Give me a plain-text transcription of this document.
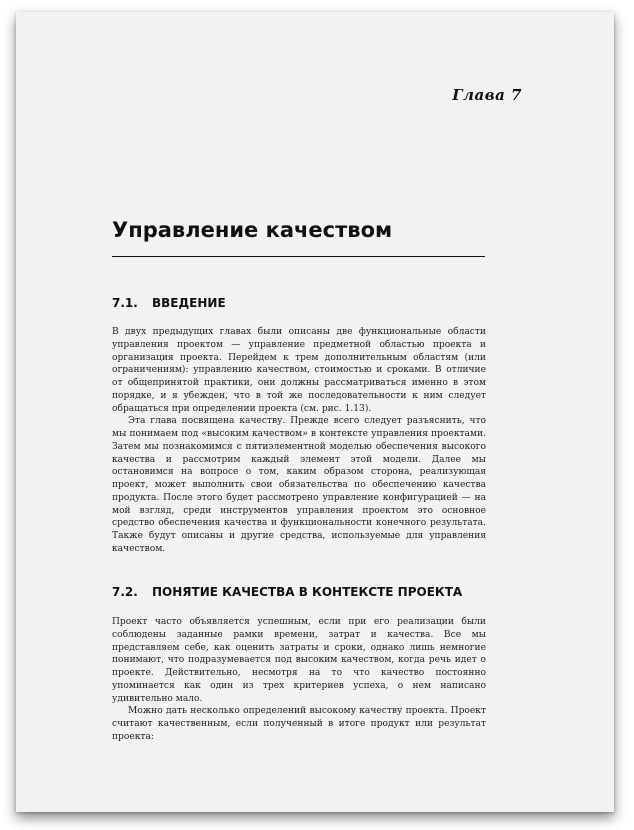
Глава 7
Управление качеством
7.1. ВВЕДЕНИЕ

В двух предыдущих главах были описаны две функциональные области управления проектом — управление предметной областью проекта и организация проекта. Перейдем к трем дополнительным областям (или ограничениям): управлению качеством, стоимостью и сроками. В отличие от общепринятой практики, они должны рассматриваться именно в этом порядке, и я убежден, что в той же последовательности к ним следует обращаться при определении проекта (см. рис. 1.13).

Эта глава посвящена качеству. Прежде всего следует разъяснить, что мы понимаем под «высоким качеством» в контексте управления проектами. Затем мы познакомимся с пятиэлементной моделью обеспечения высокого качества и рассмотрим каждый элемент этой модели. Далее мы остановимся на вопросе о том, каким образом сторона, реализующая проект, может выполнить свои обязательства по обеспечению качества продукта. После этого будет рассмотрено управление конфигурацией — на мой взгляд, среди инструментов управления проектом это основное средство обеспечения качества и функциональности конечного результата. Также будут описаны и другие средства, используемые для управления качеством.

7.2. ПОНЯТИЕ КАЧЕСТВА В КОНТЕКСТЕ ПРОЕКТА

Проект часто объявляется успешным, если при его реализации были соблюдены заданные рамки времени, затрат и качества. Все мы представляем себе, как оценить затраты и сроки, однако лишь немногие понимают, что подразумевается под высоким качеством, когда речь идет о проекте. Действительно, несмотря на то что качество постоянно упоминается как один из трех критериев успеха, о нем написано удивительно мало.

Можно дать несколько определений высокому качеству проекта. Проект считают качественным, если полученный в итоге продукт или результат проекта:
